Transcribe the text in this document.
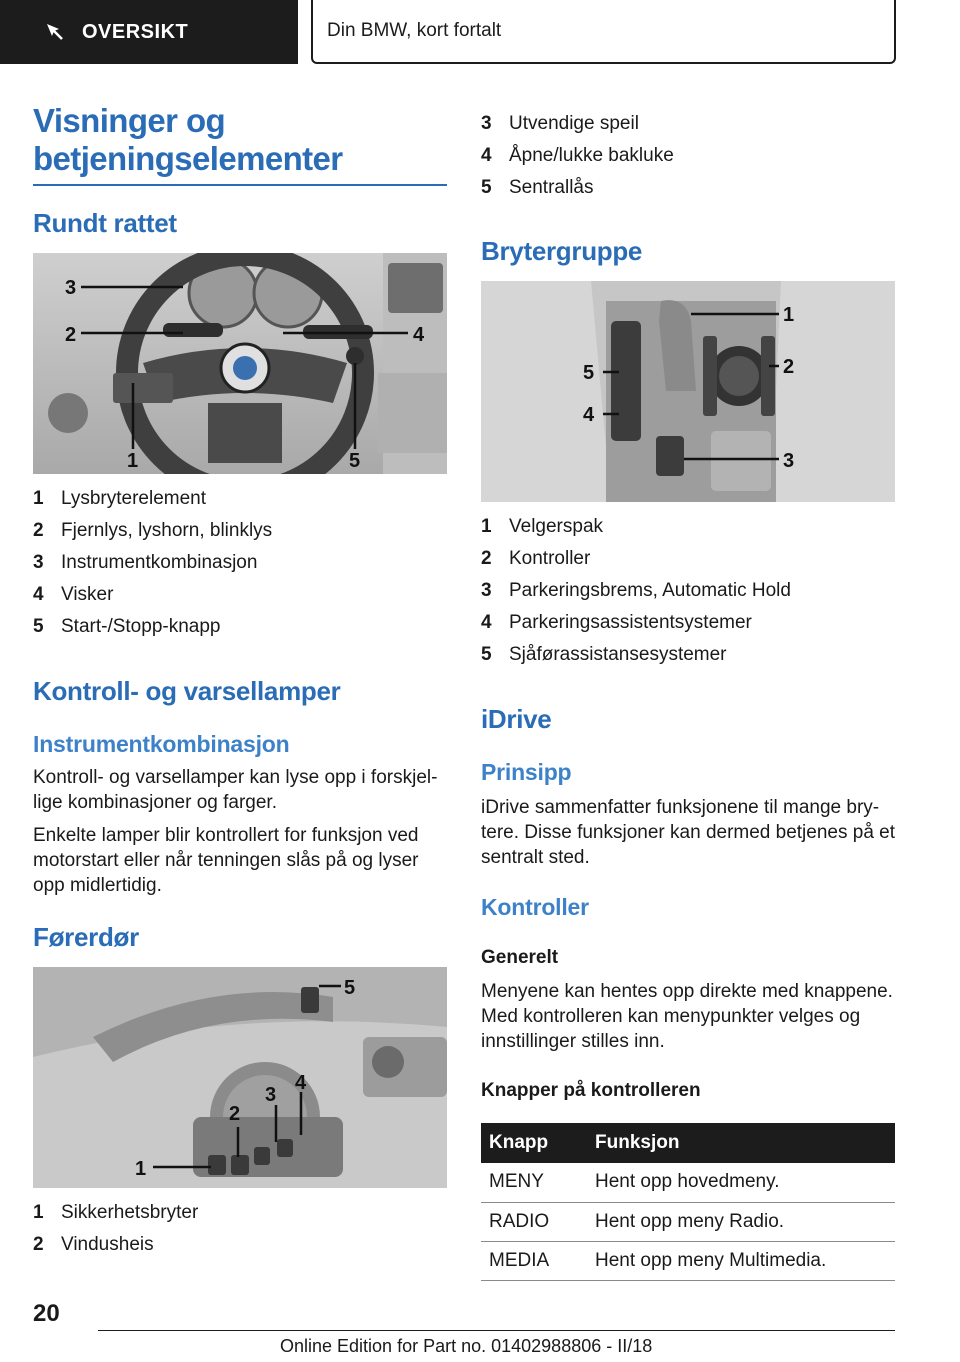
OVERSIKT	Din BMW, kort fortalt
Visninger og
betjeningselementer
Rundt rattet
3
2	4
1	5
1 Lysbryterelement
2 Fjernlys, lyshorn, blinklys
3 Instrumentkombinasjon
4 Visker
5 Start-/Stopp-knapp
Kontroll- og varsellamper
Instrumentkombinasjon
Kontroll- og varsellamper kan lyse opp i forskjel-
lige kombinasjoner og farger.
Enkelte lamper blir kontrollert for funksjon ved
motorstart eller når tenningen slås på og lyser
opp midlertidig.
Førerdør
1
2
3
4
5
1 Sikkerhetsbryter
2 Vindusheis
3 Utvendige speil
4 Åpne/lukke bakluke
5 Sentrallås
Brytergruppe
1
2
3
4
5
1 Velgerspak
2 Kontroller
3 Parkeringsbrems, Automatic Hold
4 Parkeringsassistentsystemer
5 Sjåførassistansesystemer
iDrive
Prinsipp
iDrive sammenfatter funksjonene til mange bry-
tere. Disse funksjoner kan dermed betjenes på et
sentralt sted.
Kontroller
Generelt
Menyene kan hentes opp direkte med knappene.
Med kontrolleren kan menypunkter velges og
innstillinger stilles inn.
Knapper på kontrolleren
Knapp	Funksjon
MENY	Hent opp hovedmeny.
RADIO	Hent opp meny Radio.
MEDIA	Hent opp meny Multimedia.
20
Online Edition for Part no. 01402988806 - II/18
